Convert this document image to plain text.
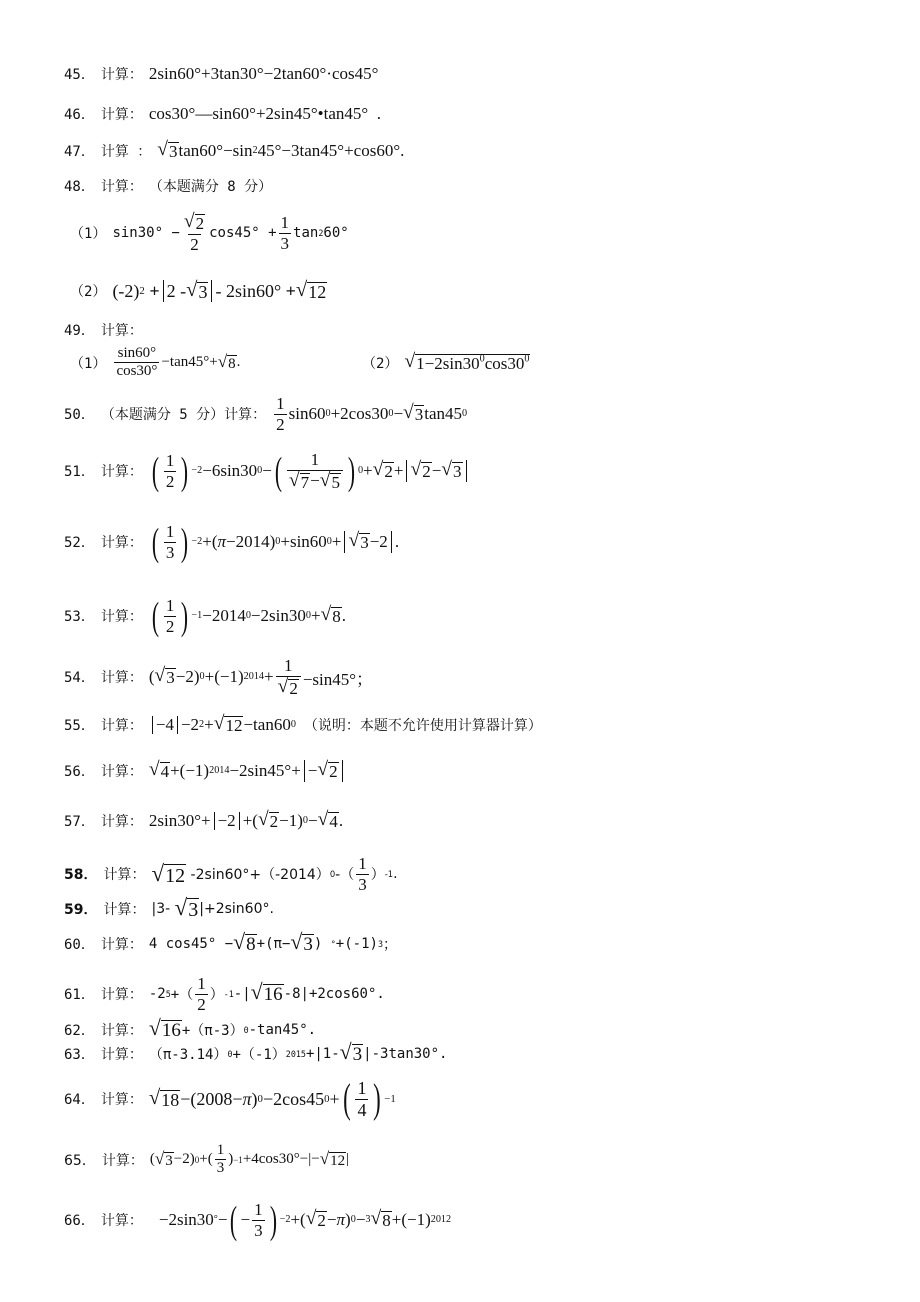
45． 计算： 2sin60°+3tan30°−2tan60°·cos45°
46． 计算： cos30°—sin60°+2sin45°•tan45°  .
47． 计算 ： √ 3 tan60°−sin 2 45°−3tan45°+cos60°.
48． 计算： （本题满分 8 分）
（1） $\sin 30^\circ - \frac{√ 2}{2} \cos 45^\circ + \frac{1}{3}$ tan 2 60°
（2） (-2) 2
+ 2 - √ 3 - 2sin60° + √ 12
49． 计算：
$(1) \frac{\sin 60^\circ}{\cos 30^\circ} -\tan 45^\circ+$ √ 8 .	（2） √ $1-2\sin 30^0\cos 30^0$
50． （本题满分 5 分）计算： $\frac{1}{2} \sin 60$ 0 +2cos30 0 − √ 3 tan45 0
51． 计算： ( $\frac{1}{2}$ ) −2 −6sin30 0 − ( $\frac{1}{√ 7 - √ 5}$ ) 0 + √ 2 + √ 2 − √ 3
52． 计算： ( $\frac{1}{3}$ ) −2 +( π −2014) 0 +sin60 0 + √ 3 −2 .
53． 计算： ( $\frac{1}{2}$ ) −1 −2014 0 −2sin30 0 + √ 8 .
54． 计算： ( √ 3 −2) 0 +(−1) $2014 + \frac{1}{√ 2} -\sin 45^\circ$；
55． 计算： −4 −2 2 + √ 12 −tan60 0 （说明：本题不允许使用计算器计算）
56． 计算： √ 4 +(−1) 2014 −2sin45°+ − √ 2
57． 计算： 2sin30°+ −2 +( √ 2 −1) 0 − √ 4 .
58． 计算： √ 12 -2sin60°+（-2014） 0 -（ $\frac{1}{3}$ ） -1 .
59． 计算： |3- √ 3 |+2sin60°.
60． 计算： 4 cos45° − √ 8 +(π− √ 3 ) ° +(-1) 3 ；
61． 计算： -2 5 +（ $\frac{1}{2}$ ） -1 -| √ 16 -8|+2cos60°.
62． 计算： √ 16 +（π-3） 0 -tan45°.
63． 计算： （π-3.14） 0 +（-1） 2015 +|1- √ 3 |-3tan30°.
64． 计算： √ 18 −(2008− π ) 0 −2cos45 0 + ( $\frac{1}{4}$ ) −1
65． 计算： ( √ 3 −2) 0 +( $\frac{1}{3}$ ) −1 +4cos30°−|− √ 12 |
66． 计算： −2sin30 ° − ( − $\frac{1}{3}$ ) −2 +( √ 2 − π ) 0 − 3 √ 8 +(−1) 2012
